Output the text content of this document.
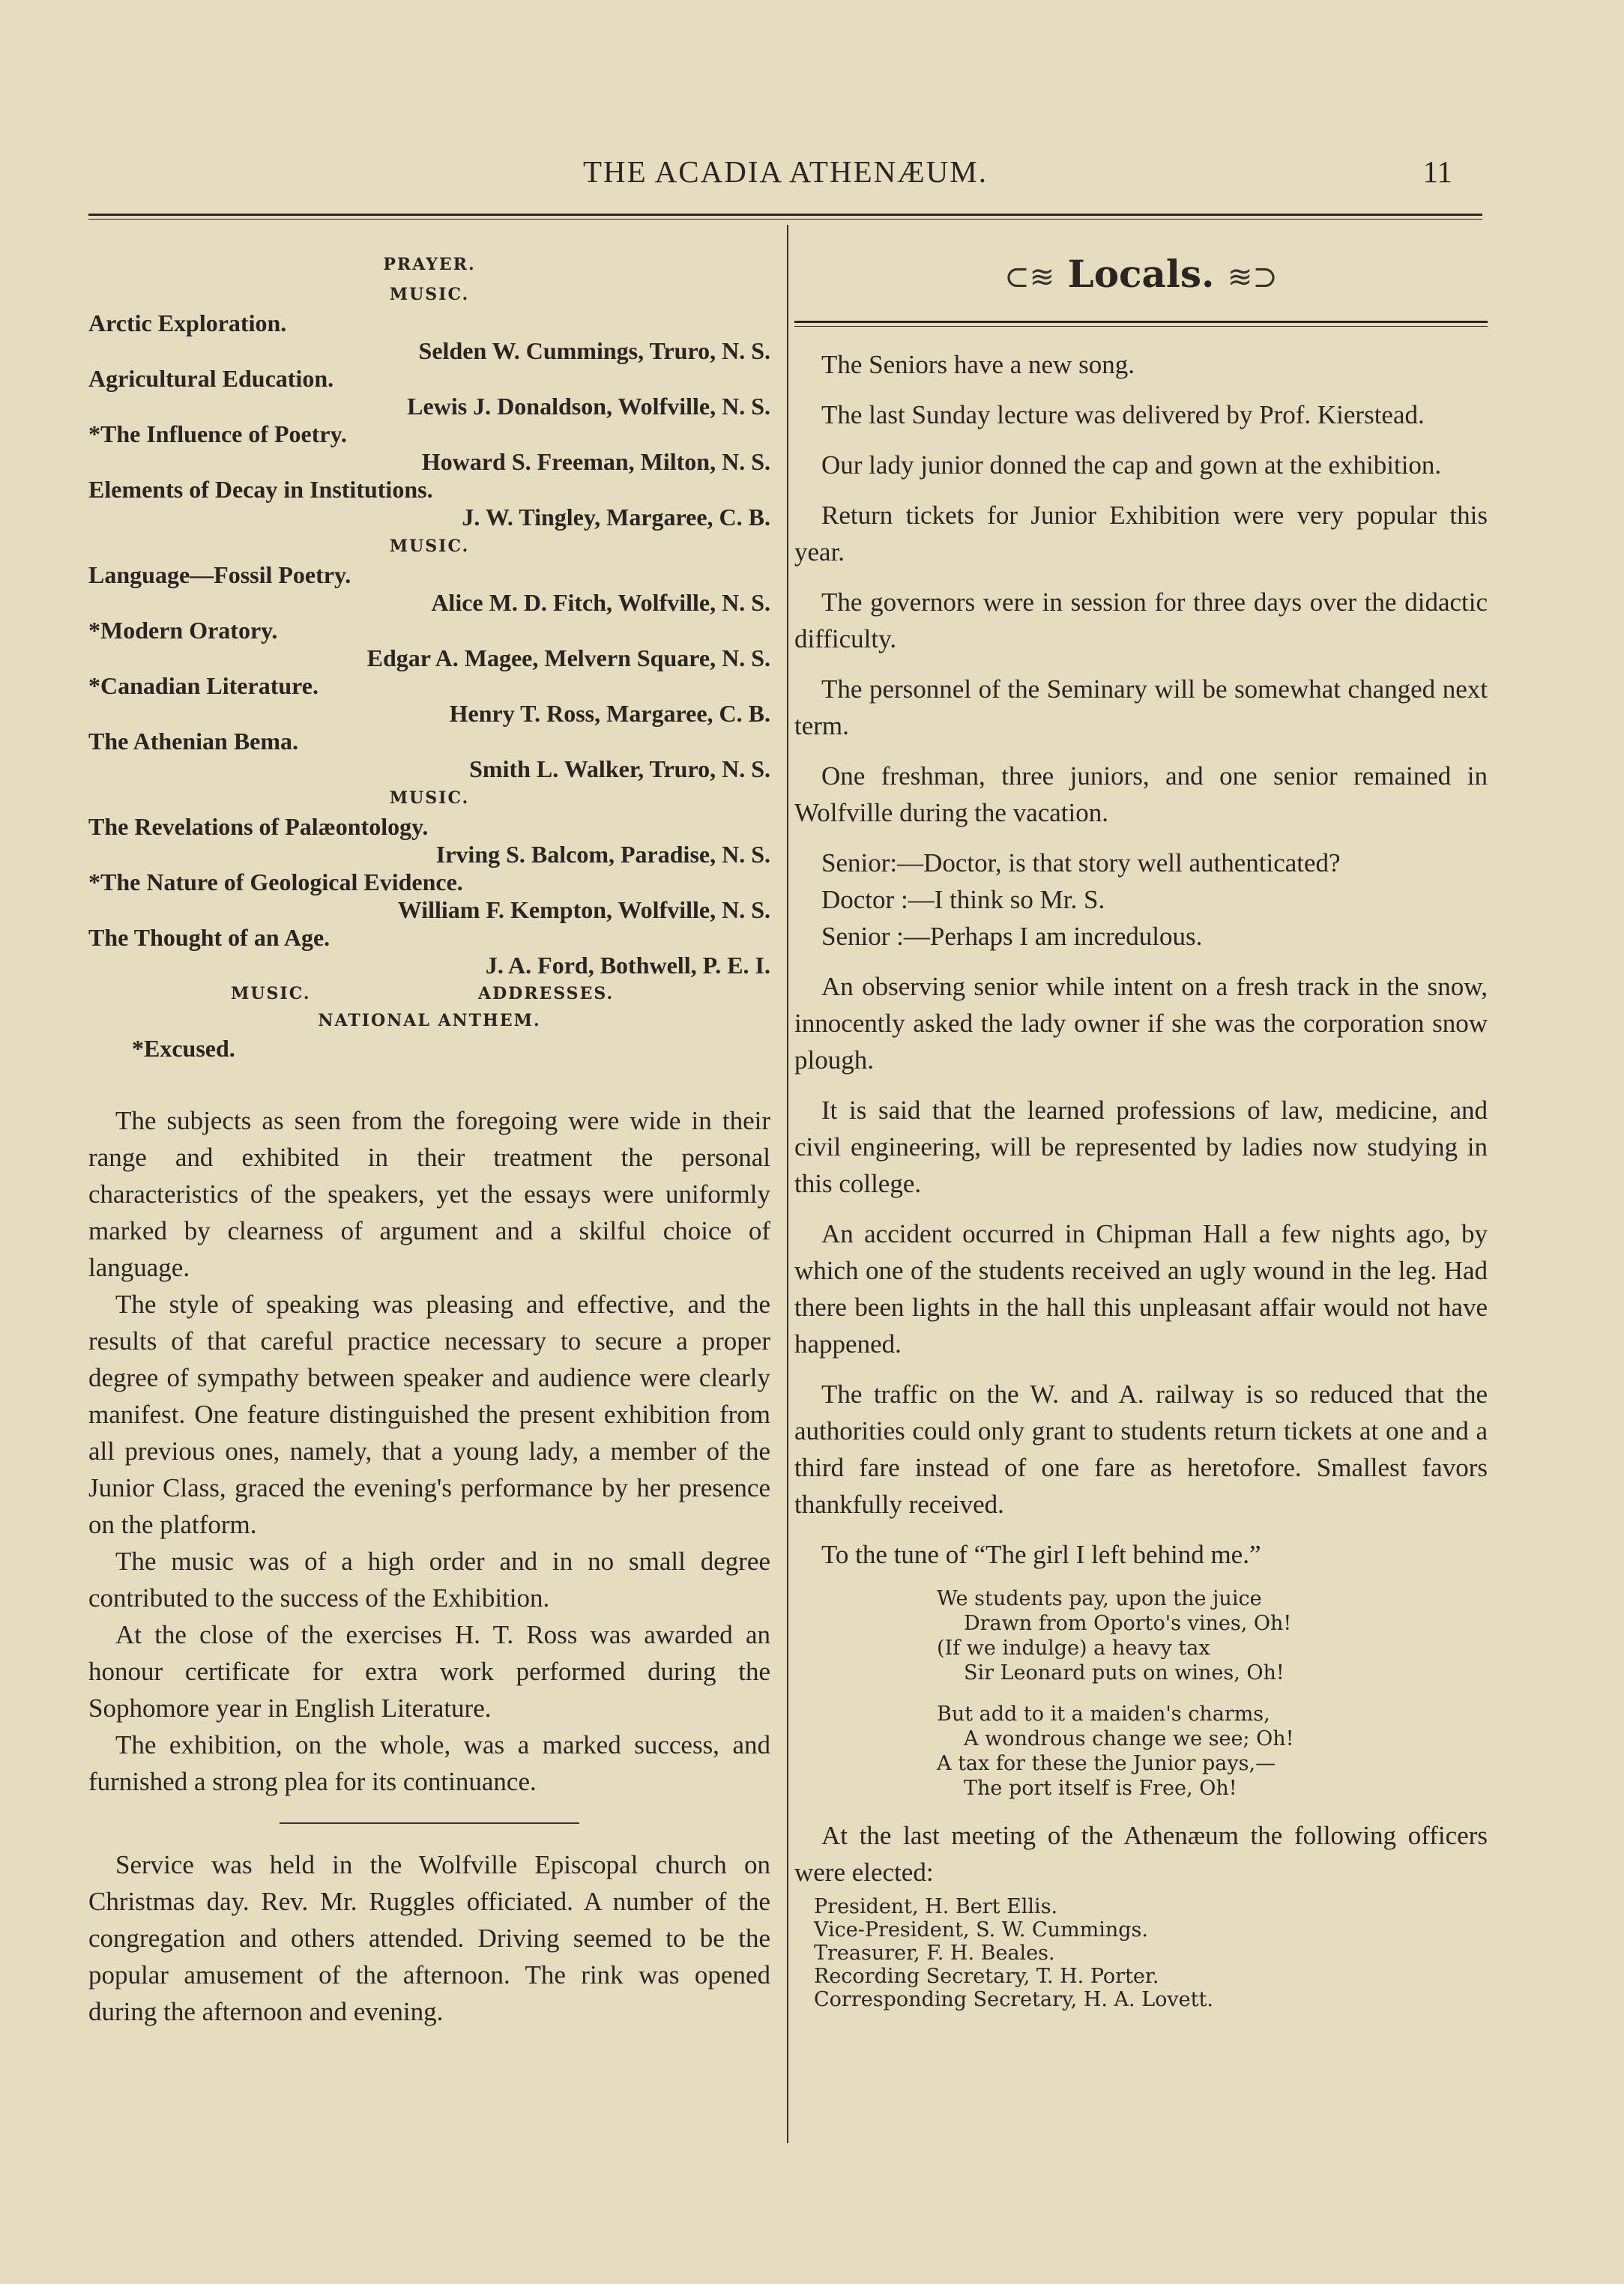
THE ACADIA ATHENÆUM.	11
PRAYER.
MUSIC.
Arctic Exploration.
Selden W. Cummings, Truro, N. S.
Agricultural Education.
Lewis J. Donaldson, Wolfville, N. S.
*The Influence of Poetry.
Howard S. Freeman, Milton, N. S.
Elements of Decay in Institutions.
J. W. Tingley, Margaree, C. B.
MUSIC.
Language—Fossil Poetry.
Alice M. D. Fitch, Wolfville, N. S.
*Modern Oratory.
Edgar A. Magee, Melvern Square, N. S.
*Canadian Literature.
Henry T. Ross, Margaree, C. B.
The Athenian Bema.
Smith L. Walker, Truro, N. S.
MUSIC.
The Revelations of Palæontology.
Irving S. Balcom, Paradise, N. S.
*The Nature of Geological Evidence.
William F. Kempton, Wolfville, N. S.
The Thought of an Age.
J. A. Ford, Bothwell, P. E. I.
MUSIC.	ADDRESSES.
NATIONAL ANTHEM.
*Excused.

The subjects as seen from the foregoing were wide in their range and exhibited in their treatment the personal characteristics of the speakers, yet the essays were uniformly marked by clearness of argument and a skilful choice of language.

The style of speaking was pleasing and effective, and the results of that careful practice necessary to secure a proper degree of sympathy between speaker and audience were clearly manifest. One feature distinguished the present exhibition from all previous ones, namely, that a young lady, a member of the Junior Class, graced the evening's performance by her presence on the platform.

The music was of a high order and in no small degree contributed to the success of the Exhibition.

At the close of the exercises H. T. Ross was awarded an honour certificate for extra work performed during the Sophomore year in English Literature.

The exhibition, on the whole, was a marked success, and furnished a strong plea for its continuance.

Service was held in the Wolfville Episcopal church on Christmas day. Rev. Mr. Ruggles officiated. A number of the congregation and others attended. Driving seemed to be the popular amusement of the afternoon. The rink was opened during the afternoon and evening.

⊂≋ Locals. ≋⊃

The Seniors have a new song.

The last Sunday lecture was delivered by Prof. Kierstead.

Our lady junior donned the cap and gown at the exhibition.

Return tickets for Junior Exhibition were very popular this year.

The governors were in session for three days over the didactic difficulty.

The personnel of the Seminary will be somewhat changed next term.

One freshman, three juniors, and one senior remained in Wolfville during the vacation.

Senior:—Doctor, is that story well authenticated?
Doctor :—I think so Mr. S.
Senior :—Perhaps I am incredulous.

An observing senior while intent on a fresh track in the snow, innocently asked the lady owner if she was the corporation snow plough.

It is said that the learned professions of law, medicine, and civil engineering, will be represented by ladies now studying in this college.

An accident occurred in Chipman Hall a few nights ago, by which one of the students received an ugly wound in the leg. Had there been lights in the hall this unpleasant affair would not have happened.

The traffic on the W. and A. railway is so reduced that the authorities could only grant to students return tickets at one and a third fare instead of one fare as heretofore. Smallest favors thankfully received.

To the tune of “The girl I left behind me.”

We students pay, upon the juice
Drawn from Oporto's vines, Oh!
(If we indulge) a heavy tax
Sir Leonard puts on wines, Oh!
But add to it a maiden's charms,
A wondrous change we see; Oh!
A tax for these the Junior pays,—
The port itself is Free, Oh!

At the last meeting of the Athenæum the following officers were elected:

President, H. Bert Ellis.
Vice-President, S. W. Cummings.
Treasurer, F. H. Beales.
Recording Secretary, T. H. Porter.
Corresponding Secretary, H. A. Lovett.
